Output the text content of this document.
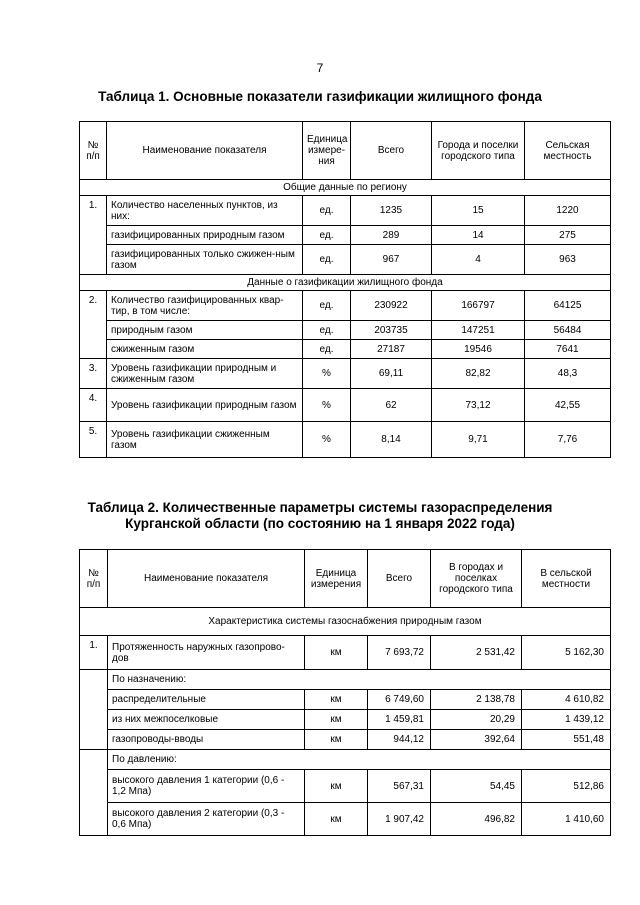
7
Таблица 1. Основные показатели газификации жилищного фонда
№ п/п	Наименование показателя	Единица измере-ния	Всего	Города и поселки городского типа	Сельская местность
Общие данные по региону					
1.	Количество населенных пунктов, из них:	ед.	1235	15	1220
	газифицированных природным газом	ед.	289	14	275
	газифицированных только сжижен-ным газом	ед.	967	4	963
Данные о газификации жилищного фонда					
2.	Количество газифицированных квар-тир, в том числе:	ед.	230922	166797	64125
	природным газом	ед.	203735	147251	56484
	сжиженным газом	ед.	27187	19546	7641
3.	Уровень газификации природным и сжиженным газом	%	69,11	82,82	48,3
4.	Уровень газификации природным газом	%	62	73,12	42,55
5.	Уровень газификации сжиженным газом	%	8,14	9,71	7,76
Таблица 2. Количественные параметры системы газораспределения
Курганской области (по состоянию на 1 января 2022 года)
№ п/п	Наименование показателя	Единица измерения	Всего	В городах и поселках городского типа	В сельской местности
Характеристика системы газоснабжения природным газом					
1.	Протяженность наружных газопрово-дов	км	7 693,72	2 531,42	5 162,30
	По назначению:				
	распределительные	км	6 749,60	2 138,78	4 610,82
	из них межпоселковые	км	1 459,81	20,29	1 439,12
	газопроводы-вводы	км	944,12	392,64	551,48
	По давлению:				
	высокого давления 1 категории (0,6 - 1,2 Мпа)	км	567,31	54,45	512,86
	высокого давления 2 категории (0,3 - 0,6 Мпа)	км	1 907,42	496,82	1 410,60
